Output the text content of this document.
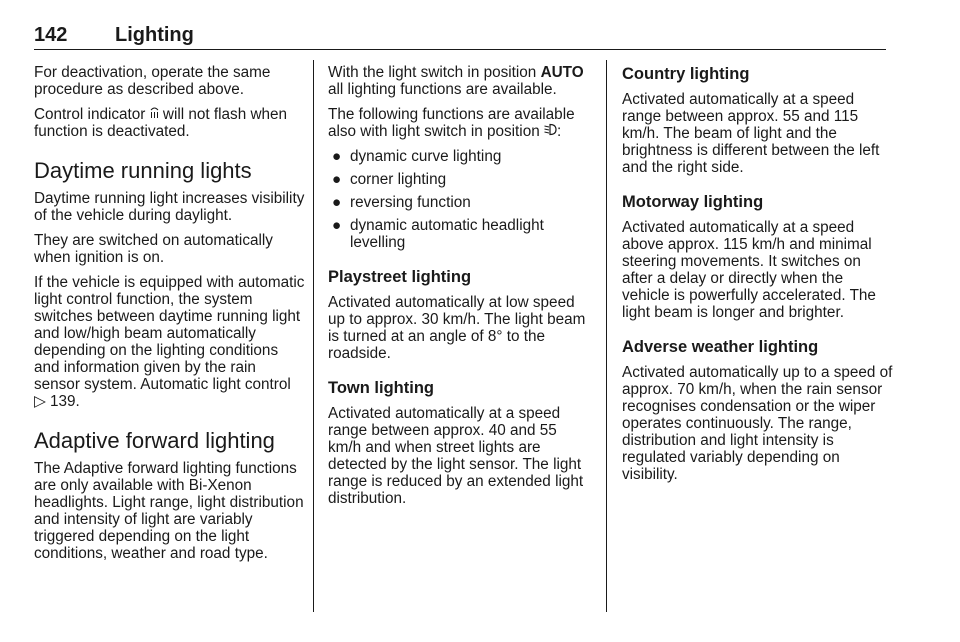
142 Lighting

For deactivation, operate the same procedure as described above.

Control indicator  will not flash when function is deactivated.

Daytime running lights

Daytime running light increases visibility of the vehicle during daylight.

They are switched on automatically when ignition is on.

If the vehicle is equipped with automatic light control function, the system switches between daytime running light and low/high beam automatically depending on the lighting conditions and information given by the rain sensor system. Automatic light control ▷ 139.

Adaptive forward lighting

The Adaptive forward lighting functions are only available with Bi-Xenon headlights. Light range, light distribution and intensity of light are variably triggered depending on the light conditions, weather and road type.

With the light switch in position AUTO all lighting functions are available.

The following functions are available also with light switch in position :

● dynamic curve lighting
● corner lighting
● reversing function
● dynamic automatic headlight levelling
Playstreet lighting

Activated automatically at low speed up to approx. 30 km/h. The light beam is turned at an angle of 8° to the roadside.

Town lighting

Activated automatically at a speed range between approx. 40 and 55 km/h and when street lights are detected by the light sensor. The light range is reduced by an extended light distribution.

Country lighting

Activated automatically at a speed range between approx. 55 and 115 km/h. The beam of light and the brightness is different between the left and the right side.

Motorway lighting

Activated automatically at a speed above approx. 115 km/h and minimal steering movements. It switches on after a delay or directly when the vehicle is powerfully accelerated. The light beam is longer and brighter.

Adverse weather lighting

Activated automatically up to a speed of approx. 70 km/h, when the rain sensor recognises condensation or the wiper operates continuously. The range, distribution and light intensity is regulated variably depending on visibility.
